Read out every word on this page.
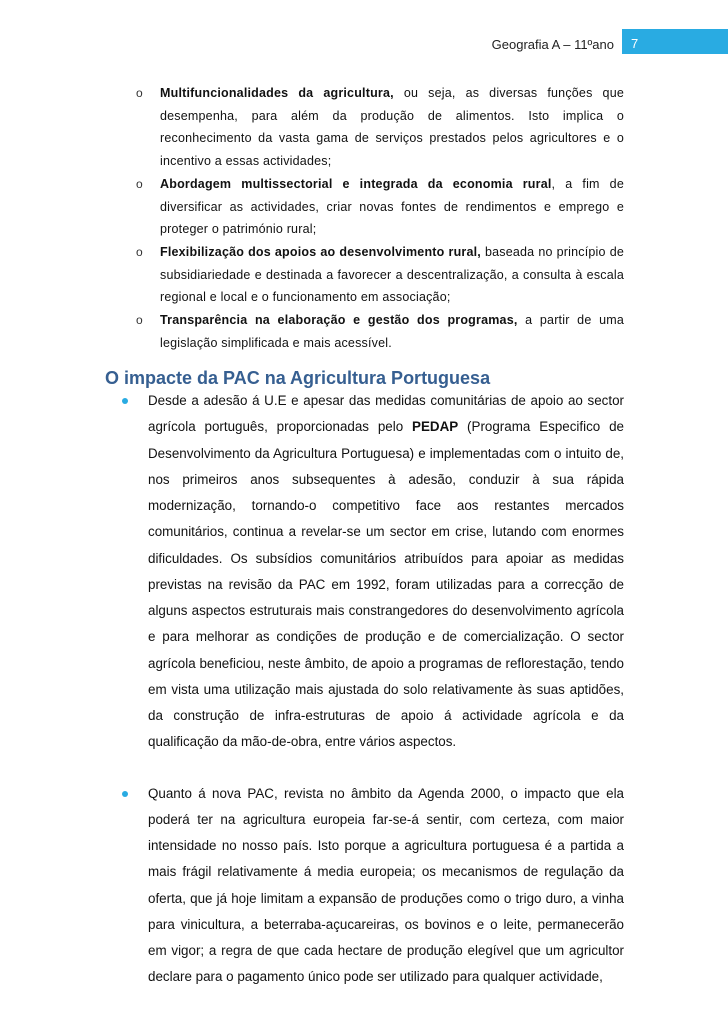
Geografia A – 11ºano 7
o Multifuncionalidades da agricultura, ou seja, as diversas funções que desempenha, para além da produção de alimentos. Isto implica o reconhecimento da vasta gama de serviços prestados pelos agricultores e o incentivo a essas actividades;
o Abordagem multissectorial e integrada da economia rural, a fim de diversificar as actividades, criar novas fontes de rendimentos e emprego e proteger o património rural;
o Flexibilização dos apoios ao desenvolvimento rural, baseada no princípio de subsidiariedade e destinada a favorecer a descentralização, a consulta à escala regional e local e o funcionamento em associação;
o Transparência na elaboração e gestão dos programas, a partir de uma legislação simplificada e mais acessível.
O impacte da PAC na Agricultura Portuguesa
Desde a adesão á U.E e apesar das medidas comunitárias de apoio ao sector agrícola português, proporcionadas pelo PEDAP (Programa Especifico de Desenvolvimento da Agricultura Portuguesa) e implementadas com o intuito de, nos primeiros anos subsequentes à adesão, conduzir à sua rápida modernização, tornando-o competitivo face aos restantes mercados comunitários, continua a revelar-se um sector em crise, lutando com enormes dificuldades. Os subsídios comunitários atribuídos para apoiar as medidas previstas na revisão da PAC em 1992, foram utilizadas para a correcção de alguns aspectos estruturais mais constrangedores do desenvolvimento agrícola e para melhorar as condições de produção e de comercialização. O sector agrícola beneficiou, neste âmbito, de apoio a programas de reflorestação, tendo em vista uma utilização mais ajustada do solo relativamente às suas aptidões, da construção de infra-estruturas de apoio á actividade agrícola e da qualificação da mão-de-obra, entre vários aspectos.
Quanto á nova PAC, revista no âmbito da Agenda 2000, o impacto que ela poderá ter na agricultura europeia far-se-á sentir, com certeza, com maior intensidade no nosso país. Isto porque a agricultura portuguesa é a partida a mais frágil relativamente á media europeia; os mecanismos de regulação da oferta, que já hoje limitam a expansão de produções como o trigo duro, a vinha para vinicultura, a beterraba-açucareiras, os bovinos e o leite, permanecerão em vigor; a regra de que cada hectare de produção elegível que um agricultor declare para o pagamento único pode ser utilizado para qualquer actividade,
